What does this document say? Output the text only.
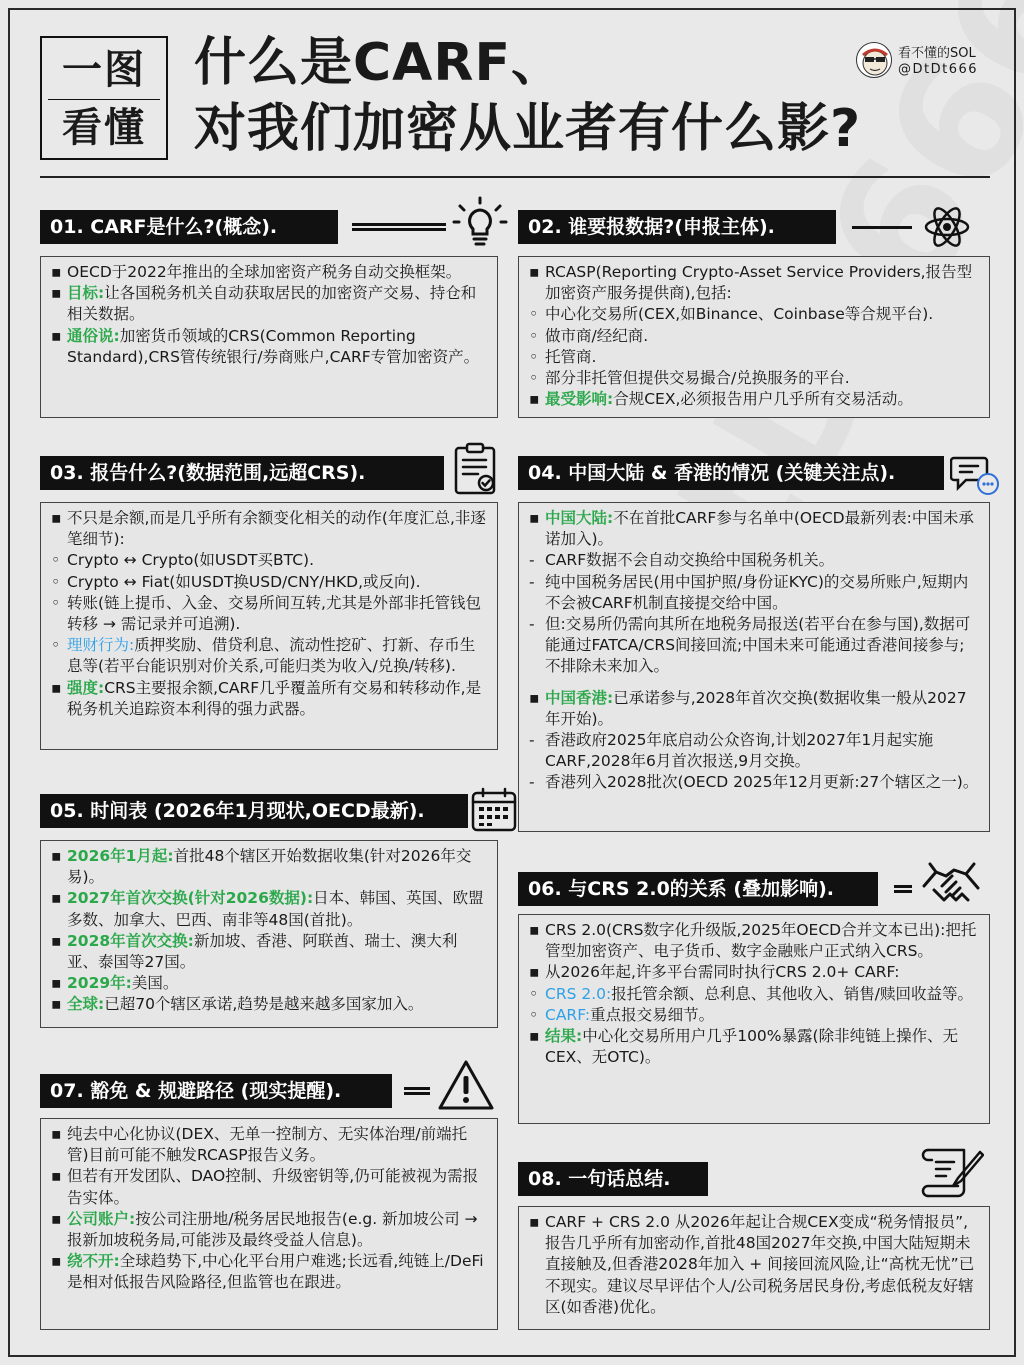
一图
看懂
什么是CARF、
对我们加密从业者有什么影?
看不懂的SOL
@DtDt666
01. CARF是什么?(概念).
▪ OECD于2022年推出的全球加密资产税务自动交换框架。
▪ 目标:让各国税务机关自动获取居民的加密资产交易、持仓和相关数据。
▪ 通俗说:加密货币领域的CRS(Common Reporting Standard),CRS管传统银行/券商账户,CARF专管加密资产。
02. 谁要报数据?(申报主体).
▪ RCASP(Reporting Crypto-Asset Service Providers,报告型加密资产服务提供商),包括:
◦ 中心化交易所(CEX,如Binance、Coinbase等合规平台).
◦ 做市商/经纪商.
◦ 托管商.
◦ 部分非托管但提供交易撮合/兑换服务的平台.
▪ 最受影响:合规CEX,必须报告用户几乎所有交易活动。
03. 报告什么?(数据范围,远超CRS).
▪ 不只是余额,而是几乎所有余额变化相关的动作(年度汇总,非逐笔细节):
◦ Crypto ↔ Crypto(如USDT买BTC).
◦ Crypto ↔ Fiat(如USDT换USD/CNY/HKD,或反向).
◦ 转账(链上提币、入金、交易所间互转,尤其是外部非托管钱包转移 → 需记录并可追溯).
◦ 理财行为:质押奖励、借贷利息、流动性挖矿、打新、存币生息等(若平台能识别对价关系,可能归类为收入/兑换/转移).
▪ 强度:CRS主要报余额,CARF几乎覆盖所有交易和转移动作,是税务机关追踪资本利得的强力武器。
04. 中国大陆 & 香港的情况 (关键关注点).
▪ 中国大陆:不在首批CARF参与名单中(OECD最新列表:中国未承诺加入)。
- CARF数据不会自动交换给中国税务机关。
- 纯中国税务居民(用中国护照/身份证KYC)的交易所账户,短期内不会被CARF机制直接提交给中国。
- 但:交易所仍需向其所在地税务局报送(若平台在参与国),数据可能通过FATCA/CRS间接回流;中国未来可能通过香港间接参与;不排除未来加入。
▪ 中国香港:已承诺参与,2028年首次交换(数据收集一般从2027年开始)。
- 香港政府2025年底启动公众咨询,计划2027年1月起实施CARF,2028年6月首次报送,9月交换。
- 香港列入2028批次(OECD 2025年12月更新:27个辖区之一)。
05. 时间表 (2026年1月现状,OECD最新).
▪ 2026年1月起:首批48个辖区开始数据收集(针对2026年交易)。
▪ 2027年首次交换(针对2026数据):日本、韩国、英国、欧盟多数、加拿大、巴西、南非等48国(首批)。
▪ 2028年首次交换:新加坡、香港、阿联酋、瑞士、澳大利亚、泰国等27国。
▪ 2029年:美国。
▪ 全球:已超70个辖区承诺,趋势是越来越多国家加入。
06. 与CRS 2.0的关系 (叠加影响).
▪ CRS 2.0(CRS数字化升级版,2025年OECD合并文本已出):把托管型加密资产、电子货币、数字金融账户正式纳入CRS。
▪ 从2026年起,许多平台需同时执行CRS 2.0+ CARF:
◦ CRS 2.0:报托管余额、总利息、其他收入、销售/赎回收益等。
◦ CARF:重点报交易细节。
▪ 结果:中心化交易所用户几乎100%暴露(除非纯链上操作、无CEX、无OTC)。
07. 豁免 & 规避路径 (现实提醒).
▪ 纯去中心化协议(DEX、无单一控制方、无实体治理/前端托管)目前可能不触发RCASP报告义务。
▪ 但若有开发团队、DAO控制、升级密钥等,仍可能被视为需报告实体。
▪ 公司账户:按公司注册地/税务居民地报告(e.g. 新加坡公司 → 报新加坡税务局,可能涉及最终受益人信息)。
▪ 绕不开:全球趋势下,中心化平台用户难逃;长远看,纯链上/DeFi是相对低报告风险路径,但监管也在跟进。
08. 一句话总结.
▪ CARF + CRS 2.0 从2026年起让合规CEX变成“税务情报员”,报告几乎所有加密动作,首批48国2027年交换,中国大陆短期未直接触及,但香港2028年加入 + 间接回流风险,让“高枕无忧”已不现实。建议尽早评估个人/公司税务居民身份,考虑低税友好辖区(如香港)优化。
